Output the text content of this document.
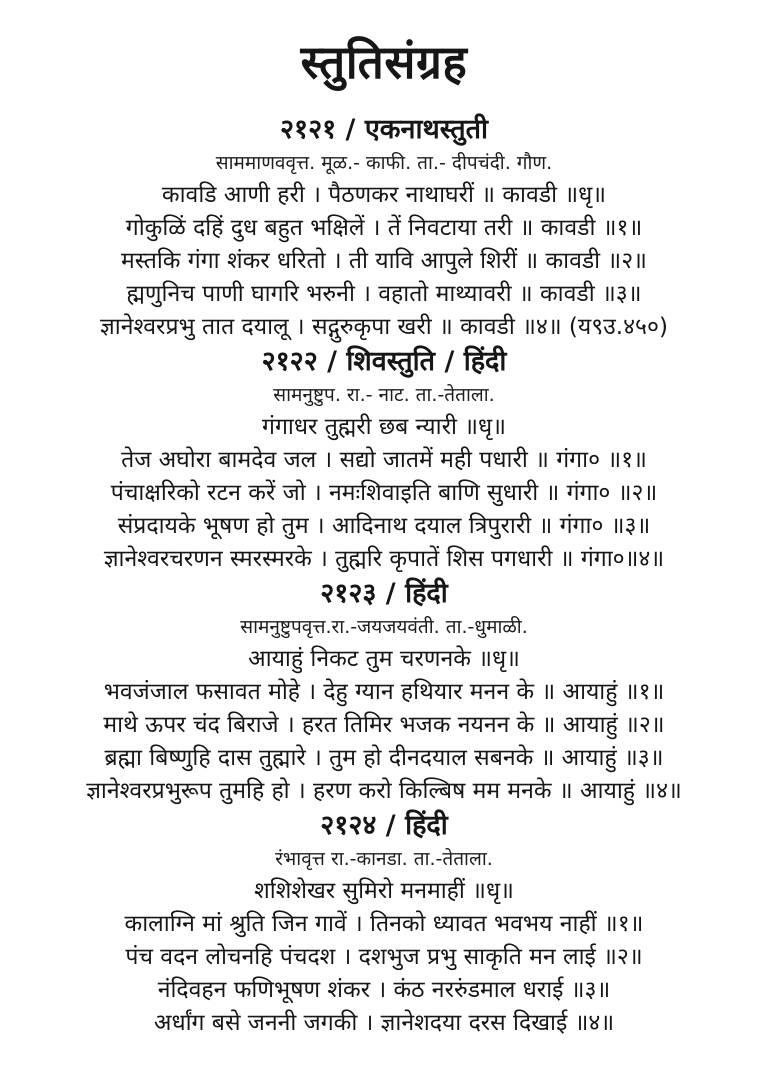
स्तुतिसंग्रह
२१२१ / एकनाथस्तुती

साममाणववृत्त. मूळ.- काफी. ता.- दीपचंदी. गौण.

कावडि आणी हरी । पैठणकर नाथाघरीं ॥ कावडी ॥धृ॥

गोकुळिं दहिं दुध बहुत भक्षिलें । तें निवटाया तरी ॥ कावडी ॥१॥

मस्तकि गंगा शंकर धरितो । ती यावि आपुले शिरीं ॥ कावडी ॥२॥

ह्मणुनिच पाणी घागरि भरुनी । वहातो माथ्यावरी ॥ कावडी ॥३॥

ज्ञानेश्वरप्रभु तात दयालू । सद्गुरुकृपा खरी ॥ कावडी ॥४॥ (य९उ.४५०)

२१२२ / शिवस्तुति / हिंदी

सामनुष्टुप. रा.- नाट. ता.-तेताला.

गंगाधर तुह्मरी छब न्यारी ॥धृ॥

तेज अघोरा बामदेव जल । सद्यो जातमें मही पधारी ॥ गंगा० ॥१॥

पंचाक्षरिको रटन करें जो । नमःशिवाइति बाणि सुधारी ॥ गंगा० ॥२॥

संप्रदायके भूषण हो तुम । आदिनाथ दयाल त्रिपुरारी ॥ गंगा० ॥३॥

ज्ञानेश्वरचरणन स्मरस्मरके । तुह्मरि कृपातें शिस पगधारी ॥ गंगा०॥४॥

२१२३ / हिंदी

सामनुष्टुपवृत्त.रा.-जयजयवंती. ता.-धुमाळी.

आयाहुं निकट तुम चरणनके ॥धृ॥

भवजंजाल फसावत मोहे । देहु ग्यान हथियार मनन के ॥ आयाहुं ॥१॥

माथे ऊपर चंद बिराजे । हरत तिमिर भजक नयनन के ॥ आयाहुं ॥२॥

ब्रह्मा बिष्णुहि दास तुह्मारे । तुम हो दीनदयाल सबनके ॥ आयाहुं ॥३॥

ज्ञानेश्वरप्रभुरूप तुमहि हो । हरण करो किल्बिष मम मनके ॥ आयाहुं ॥४॥

२१२४ / हिंदी

रंभावृत्त रा.-कानडा. ता.-तेताला.

शशिशेखर सुमिरो मनमाहीं ॥धृ॥

कालाग्नि मां श्रुति जिन गावें । तिनको ध्यावत भवभय नाहीं ॥१॥

पंच वदन लोचनहि पंचदश । दशभुज प्रभु साकृति मन लाई ॥२॥

नंदिवहन फणिभूषण शंकर । कंठ नररुंडमाल धराई ॥३॥

अर्धांग बसे जननी जगकी । ज्ञानेशदया दरस दिखाई ॥४॥
